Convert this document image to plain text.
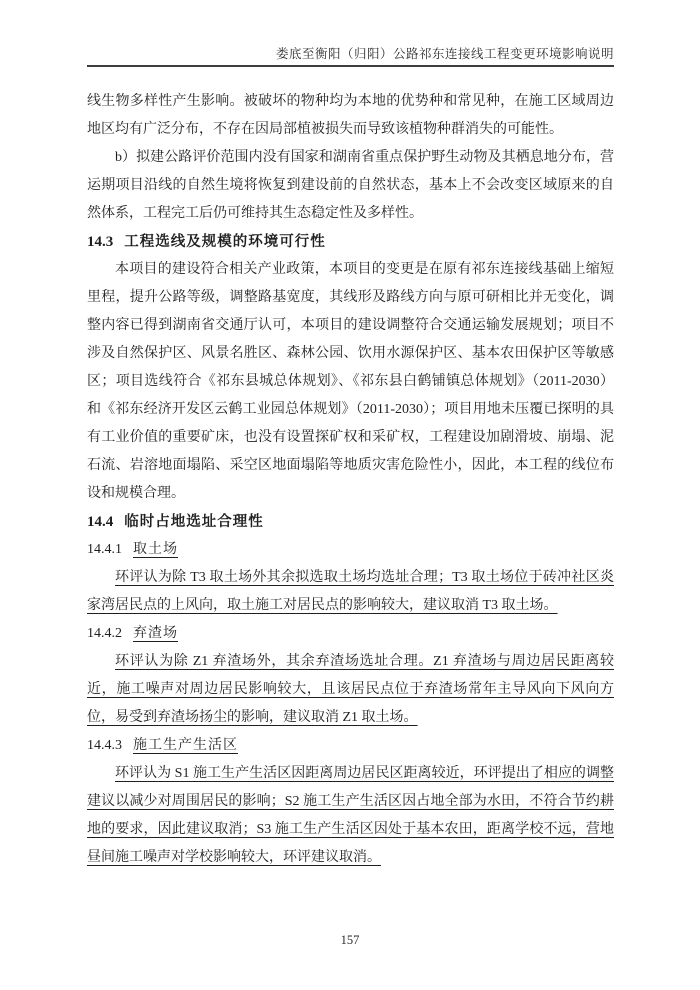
娄底至衡阳（归阳）公路祁东连接线工程变更环境影响说明

线生物多样性产生影响。被破坏的物种均为本地的优势种和常见种，在施工区域周边地区均有广泛分布，不存在因局部植被损失而导致该植物种群消失的可能性。

b）拟建公路评价范围内没有国家和湖南省重点保护野生动物及其栖息地分布，营运期项目沿线的自然生境将恢复到建设前的自然状态，基本上不会改变区域原来的自然体系，工程完工后仍可维持其生态稳定性及多样性。

14.3 工程选线及规模的环境可行性

本项目的建设符合相关产业政策，本项目的变更是在原有祁东连接线基础上缩短里程，提升公路等级，调整路基宽度，其线形及路线方向与原可研相比并无变化，调整内容已得到湖南省交通厅认可，本项目的建设调整符合交通运输发展规划；项目不涉及自然保护区、风景名胜区、森林公园、饮用水源保护区、基本农田保护区等敏感区；项目选线符合《祁东县城总体规划》、《祁东县白鹤铺镇总体规划》（2011-2030）和《祁东经济开发区云鹤工业园总体规划》（2011-2030）；项目用地未压覆已探明的具有工业价值的重要矿床，也没有设置探矿权和采矿权，工程建设加剧滑坡、崩塌、泥石流、岩溶地面塌陷、采空区地面塌陷等地质灾害危险性小，因此，本工程的线位布设和规模合理。

14.4 临时占地选址合理性
14.4.1 取土场

环评认为除 T3 取土场外其余拟选取土场均选址合理；T3 取土场位于砖冲社区炎家湾居民点的上风向，取土施工对居民点的影响较大，建议取消 T3 取土场。

14.4.2 弃渣场

环评认为除 Z1 弃渣场外，其余弃渣场选址合理。Z1 弃渣场与周边居民距离较近，施工噪声对周边居民影响较大，且该居民点位于弃渣场常年主导风向下风向方位，易受到弃渣场扬尘的影响，建议取消 Z1 取土场。

14.4.3 施工生产生活区

环评认为 S1 施工生产生活区因距离周边居民区距离较近，环评提出了相应的调整建议以减少对周围居民的影响；S2 施工生产生活区因占地全部为水田，不符合节约耕地的要求，因此建议取消；S3 施工生产生活区因处于基本农田，距离学校不远，营地昼间施工噪声对学校影响较大，环评建议取消。

157
